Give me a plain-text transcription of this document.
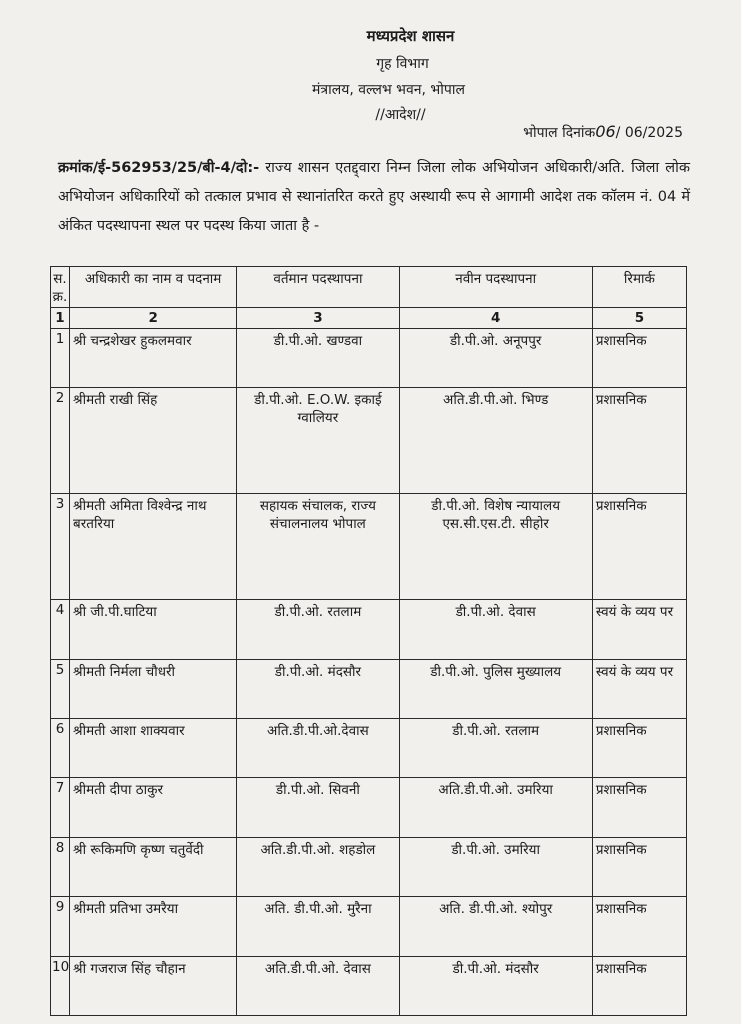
मध्यप्रदेश शासन
गृह विभाग
मंत्रालय, वल्लभ भवन, भोपाल
//आदेश//
भोपाल दिनांक06/ 06/2025
क्रमांक/ई-562953/25/बी-4/दो:- राज्य शासन एतद्द्वारा निम्न जिला लोक अभियोजन अधिकारी/अति. जिला लोक अभियोजन अधिकारियों को तत्काल प्रभाव से स्थानांतरित करते हुए अस्थायी रूप से आगामी आदेश तक कॉलम नं. 04 में अंकित पदस्थापना स्थल पर पदस्थ किया जाता है -
स. क्र.	अधिकारी का नाम व पदनाम	वर्तमान पदस्थापना	नवीन पदस्थापना	रिमार्क
1	2	3	4	5
1	श्री चन्द्रशेखर हुकलमवार	डी.पी.ओ. खण्डवा	डी.पी.ओ. अनूपपुर	प्रशासनिक
2	श्रीमती राखी सिंह	डी.पी.ओ. E.O.W. इकाई ग्वालियर	अति.डी.पी.ओ. भिण्ड	प्रशासनिक
3	श्रीमती अमिता विश्वेन्द्र नाथ बरतरिया	सहायक संचालक, राज्य संचालनालय भोपाल	डी.पी.ओ. विशेष न्यायालय एस.सी.एस.टी. सीहोर	प्रशासनिक
4	श्री जी.पी.घाटिया	डी.पी.ओ. रतलाम	डी.पी.ओ. देवास	स्वयं के व्यय पर
5	श्रीमती निर्मला चौधरी	डी.पी.ओ. मंदसौर	डी.पी.ओ. पुलिस मुख्यालय	स्वयं के व्यय पर
6	श्रीमती आशा शाक्यवार	अति.डी.पी.ओ.देवास	डी.पी.ओ. रतलाम	प्रशासनिक
7	श्रीमती दीपा ठाकुर	डी.पी.ओ. सिवनी	अति.डी.पी.ओ. उमरिया	प्रशासनिक
8	श्री रूकिमणि कृष्ण चतुर्वेदी	अति.डी.पी.ओ. शहडोल	डी.पी.ओ. उमरिया	प्रशासनिक
9	श्रीमती प्रतिभा उमरैया	अति. डी.पी.ओ. मुरैना	अति. डी.पी.ओ. श्योपुर	प्रशासनिक
10	श्री गजराज सिंह चौहान	अति.डी.पी.ओ. देवास	डी.पी.ओ. मंदसौर	प्रशासनिक
